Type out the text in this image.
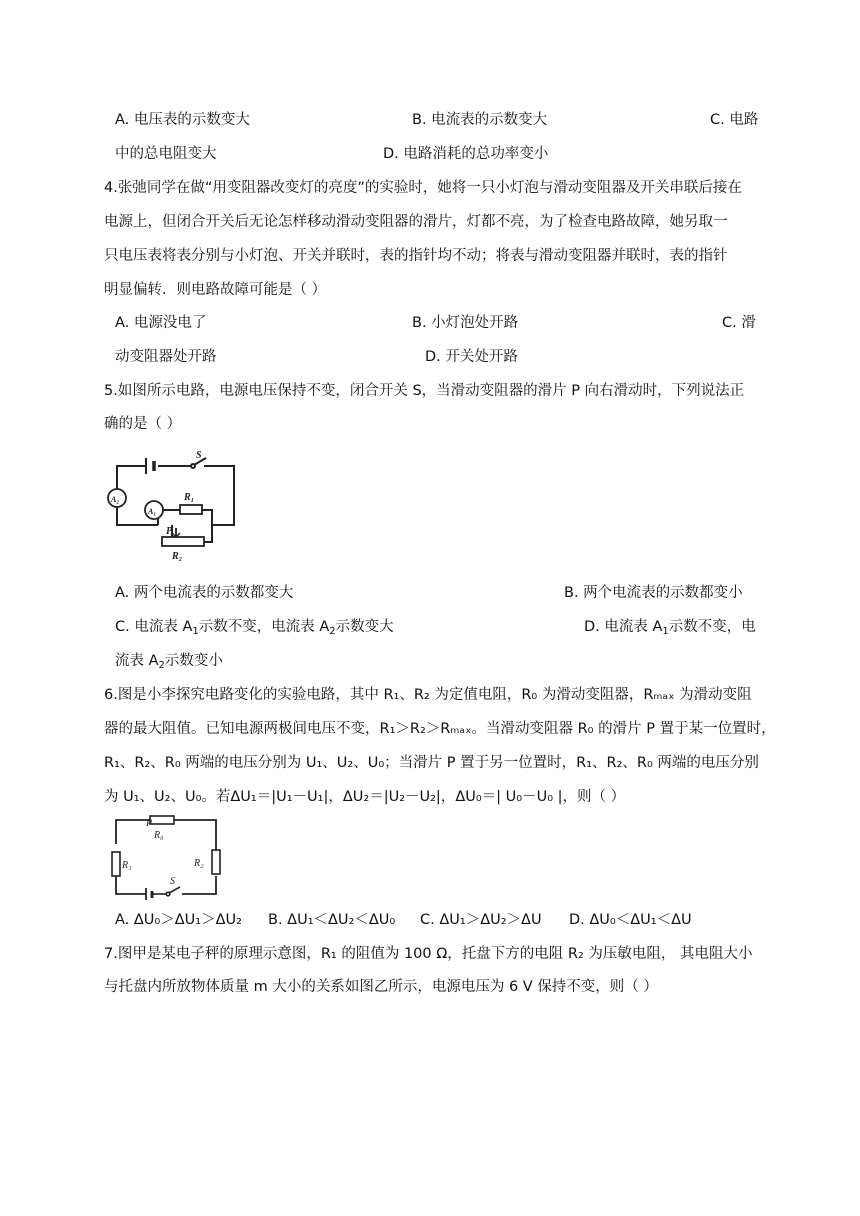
A. 电压表的示数变大	B. 电流表的示数变大	C. 电路
中的总电阻变大	D. 电路消耗的总功率变小
4.张弛同学在做“用变阻器改变灯的亮度”的实验时，她将一只小灯泡与滑动变阻器及开关串联后接在
电源上，但闭合开关后无论怎样移动滑动变阻器的滑片，灯都不亮，为了检查电路故障，她另取一
只电压表将表分别与小灯泡、开关并联时，表的指针均不动；将表与滑动变阻器并联时，表的指针
明显偏转．则电路故障可能是（ ）
A. 电源没电了	B. 小灯泡处开路	C. 滑
动变阻器处开路	D. 开关处开路
5.如图所示电路，电源电压保持不变，闭合开关 S，当滑动变阻器的滑片 P 向右滑动时，下列说法正
确的是（ ）
S
A₂
A₁
R₁
P
R₂
A. 两个电流表的示数都变大	B. 两个电流表的示数都变小
C. 电流表 $A_1$示数不变，电流表 $A_2$示数变大	D. 电流表 $A_1$示数不变，电
流表 $A_2$示数变小
6.图是小李探究电路变化的实验电路，其中 R₁、R₂ 为定值电阻，R₀ 为滑动变阻器，Rₘₐₓ 为滑动变阻
器的最大阻值。已知电源两极间电压不变，R₁＞R₂＞Rₘₐₓ。当滑动变阻器 R₀ 的滑片 P 置于某一位置时，
R₁、R₂、R₀ 两端的电压分别为 U₁、U₂、U₀；当滑片 P 置于另一位置时，R₁、R₂、R₀ 两端的电压分别
为 U₁、U₂、U₀。若ΔU₁＝|U₁－U₁|，ΔU₂＝|U₂－U₂|，ΔU₀＝| U₀－U₀ |，则（ ）
P
R₀
R₁	R₂
S
A. ΔU₀＞ΔU₁＞ΔU₂ B. ΔU₁＜ΔU₂＜ΔU₀ C. ΔU₁＞ΔU₂＞ΔU D. ΔU₀＜ΔU₁＜ΔU
7.图甲是某电子秤的原理示意图，R₁ 的阻值为 100 Ω，托盘下方的电阻 R₂ 为压敏电阻， 其电阻大小
与托盘内所放物体质量 m 大小的关系如图乙所示，电源电压为 6 V 保持不变，则（ ）
